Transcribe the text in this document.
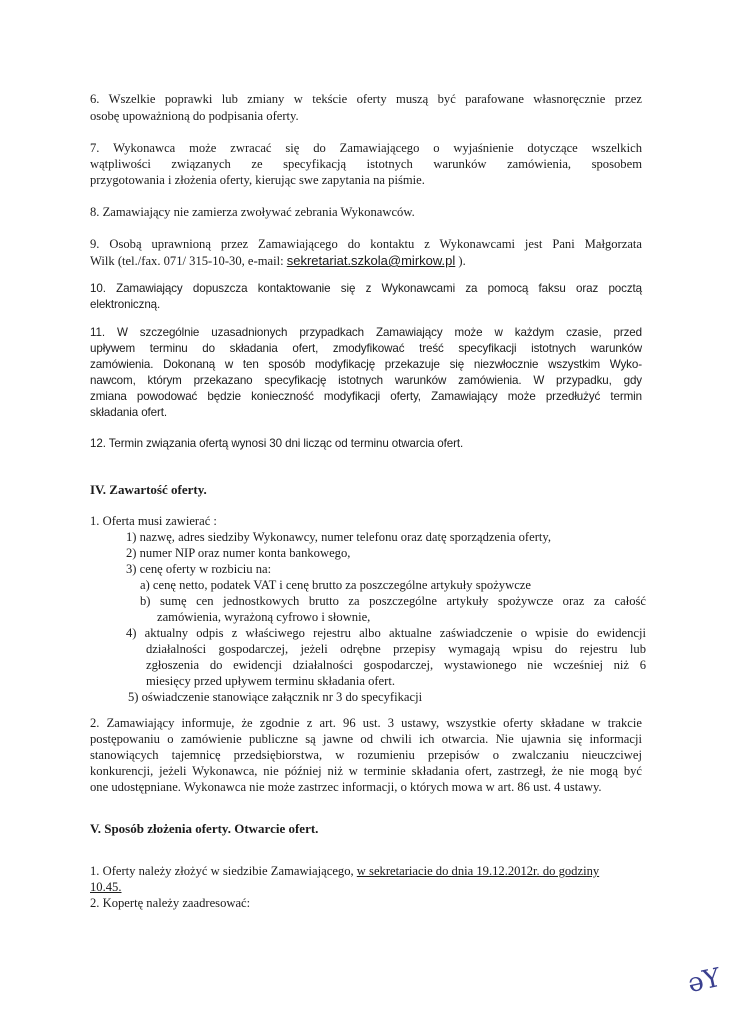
6. Wszelkie poprawki lub zmiany w tekście oferty muszą być parafowane własnoręcznie przez
osobę upoważnioną do podpisania oferty.
7. Wykonawca może zwracać się do Zamawiającego o wyjaśnienie dotyczące wszelkich
wątpliwości związanych ze specyfikacją istotnych warunków zamówienia, sposobem
przygotowania i złożenia oferty, kierując swe zapytania na piśmie.
8. Zamawiający nie zamierza zwoływać zebrania Wykonawców.
9. Osobą uprawnioną przez Zamawiającego do kontaktu z Wykonawcami jest Pani Małgorzata
Wilk (tel./fax. 071/ 315-10-30, e-mail: sekretariat.szkola@mirkow.pl ).
10. Zamawiający dopuszcza kontaktowanie się z Wykonawcami za pomocą faksu oraz pocztą
elektroniczną.
11. W szczególnie uzasadnionych przypadkach Zamawiający może w każdym czasie, przed
upływem terminu do składania ofert, zmodyfikować treść specyfikacji istotnych warunków
zamówienia. Dokonaną w ten sposób modyfikację przekazuje się niezwłocznie wszystkim Wyko-
nawcom, którym przekazano specyfikację istotnych warunków zamówienia. W przypadku, gdy
zmiana powodować będzie konieczność modyfikacji oferty, Zamawiający może przedłużyć termin
składania ofert.
12. Termin związania ofertą wynosi 30 dni licząc od terminu otwarcia ofert.
IV. Zawartość oferty.
1. Oferta musi zawierać :
1) nazwę, adres siedziby Wykonawcy, numer telefonu oraz datę sporządzenia oferty,
2) numer NIP oraz numer konta bankowego,
3) cenę oferty w rozbiciu na:
a) cenę netto, podatek VAT i cenę brutto za poszczególne artykuły spożywcze
b) sumę cen jednostkowych brutto za poszczególne artykuły spożywcze oraz za całość
zamówienia, wyrażoną cyfrowo i słownie,
4) aktualny odpis z właściwego rejestru albo aktualne zaświadczenie o wpisie do ewidencji
działalności gospodarczej, jeżeli odrębne przepisy wymagają wpisu do rejestru lub
zgłoszenia do ewidencji działalności gospodarczej, wystawionego nie wcześniej niż 6
miesięcy przed upływem terminu składania ofert.
5) oświadczenie stanowiące załącznik nr 3 do specyfikacji
2. Zamawiający informuje, że zgodnie z art. 96 ust. 3 ustawy, wszystkie oferty składane w trakcie
postępowaniu o zamówienie publiczne są jawne od chwili ich otwarcia. Nie ujawnia się informacji
stanowiących tajemnicę przedsiębiorstwa, w rozumieniu przepisów o zwalczaniu nieuczciwej
konkurencji, jeżeli Wykonawca, nie później niż w terminie składania ofert, zastrzegł, że nie mogą być
one udostępniane. Wykonawca nie może zastrzec informacji, o których mowa w art. 86 ust. 4 ustawy.
V. Sposób złożenia oferty. Otwarcie ofert.
1. Oferty należy złożyć w siedzibie Zamawiającego, w sekretariacie do dnia 19.12.2012r. do godziny
10.45.
2. Kopertę należy zaadresować:
ǝY
